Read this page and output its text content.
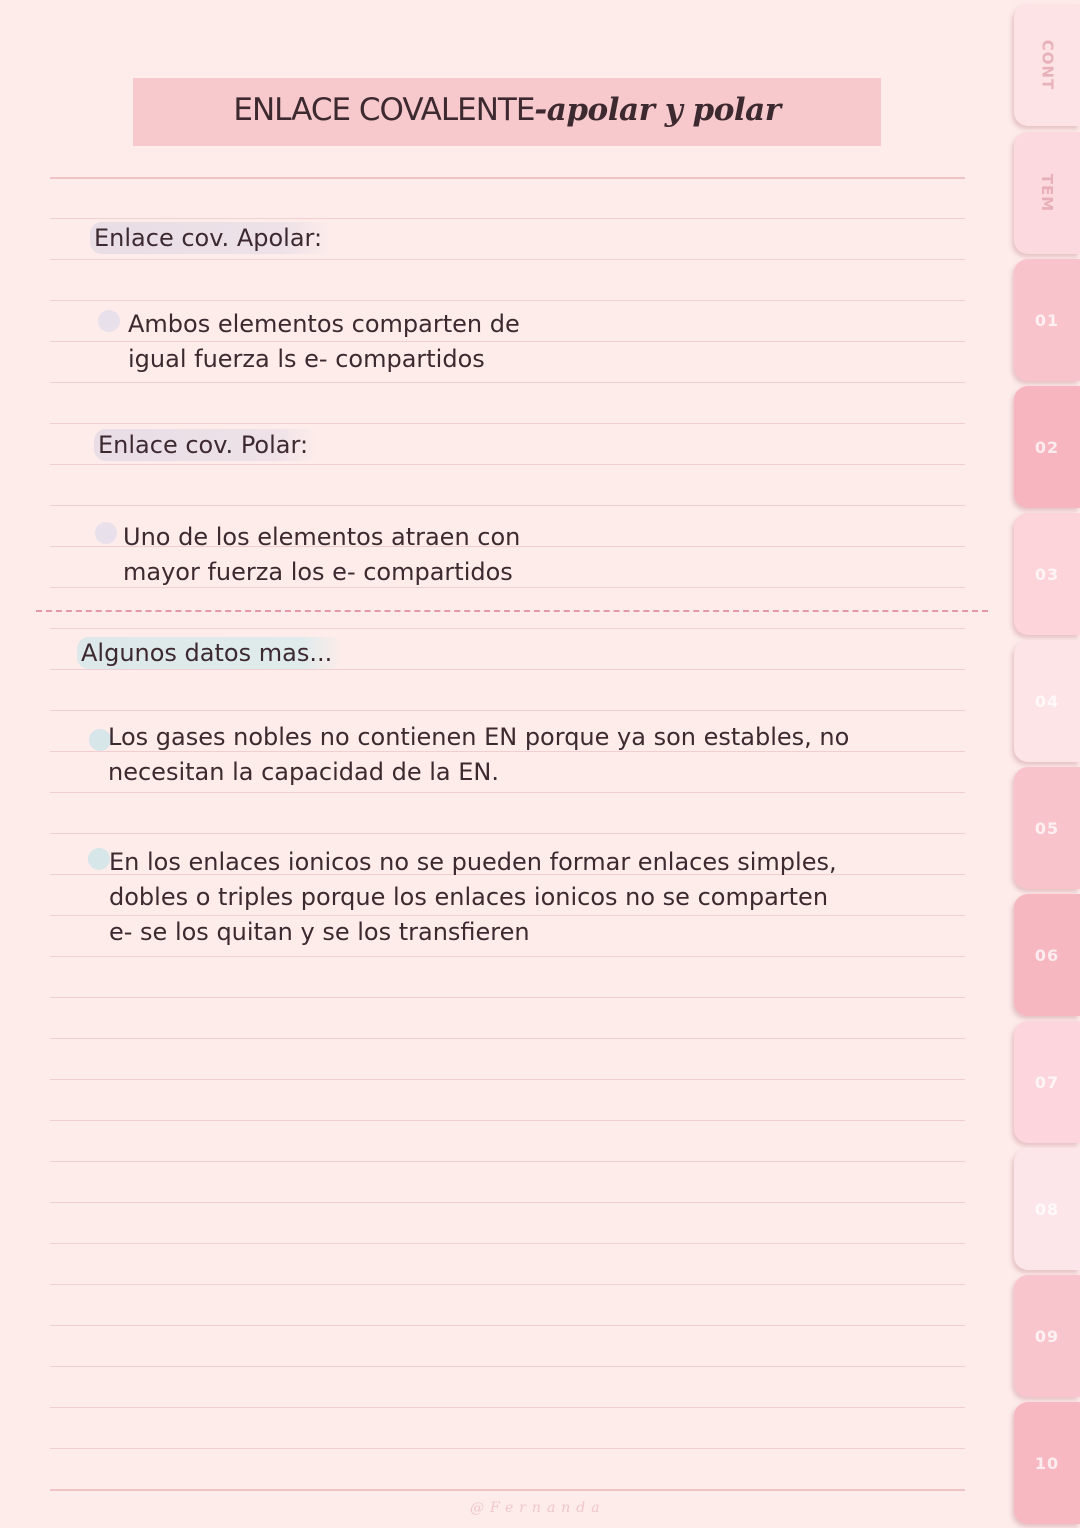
ENLACE COVALENTE-apolar y polar
Enlace cov. Apolar:
Ambos elementos comparten de
igual fuerza ls e- compartidos
Enlace cov. Polar:
Uno de los elementos atraen con
mayor fuerza los e- compartidos
Algunos datos mas...
Los gases nobles no contienen EN porque ya son estables, no
necesitan la capacidad de la EN.
En los enlaces ionicos no se pueden formar enlaces simples,
dobles o triples porque los enlaces ionicos no se comparten
e- se los quitan y se los transfieren
@Fernanda
CONT
TEM
01
02
03
04
05
06
07
08
09
10
